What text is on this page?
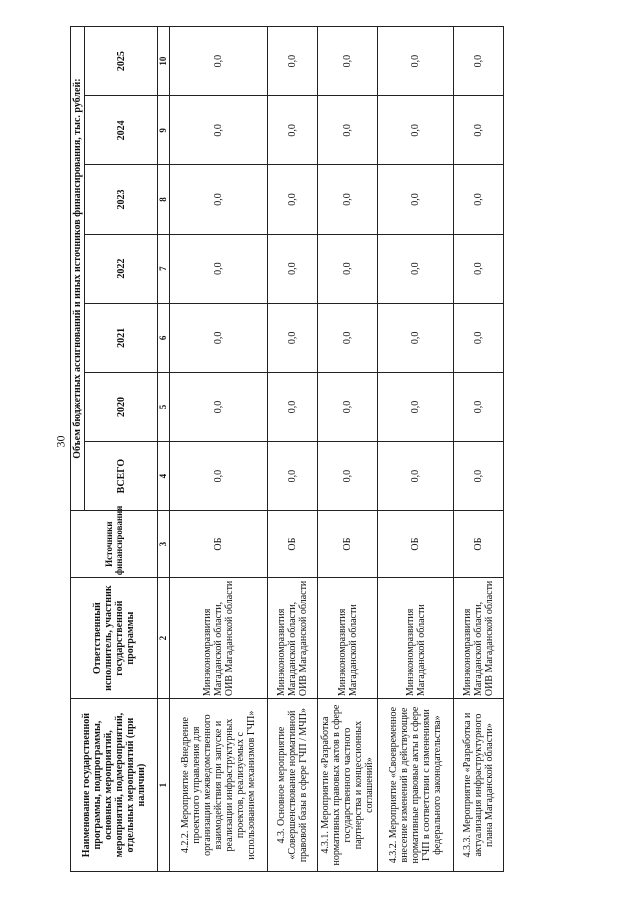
30
Наименование государственной программы, подпрограммы, основных мероприятий, мероприятий, подмероприятий, отдельных мероприятий (при наличии)	Ответственный исполнитель, участник государственной программы	Источники финансирования	Объем бюджетных ассигнований и иных источников финансирования, тыс. рублей:						
			ВСЕГО	2020	2021	2022	2023	2024	2025
1	2	3	4	5	6	7	8	9	10
4.2.2. Мероприятие «Внедрение проектного управления для организации межведомственного взаимодействия при запуске и реализации инфраструктурных проектов, реализуемых с использованием механизмов ГЧП»	Минэкономразвития Магаданской области, ОИВ Магаданской области	ОБ	0,0	0,0	0,0	0,0	0,0	0,0	0,0
4.3. Основное мероприятие «Совершенствование нормативной правовой базы в сфере ГЧП / МЧП»	Минэкономразвития Магаданской области, ОИВ Магаданской области	ОБ	0,0	0,0	0,0	0,0	0,0	0,0	0,0
4.3.1. Мероприятие «Разработка нормативных правовых актов в сфере государственного частного партнерства и концессионных соглашений»	Минэкономразвития Магаданской области	ОБ	0,0	0,0	0,0	0,0	0,0	0,0	0,0
4.3.2. Мероприятие «Своевременное внесение изменений в действующие нормативные правовые акты в сфере ГЧП в соответствии с изменениями федерального законодательства»	Минэкономразвития Магаданской области	ОБ	0,0	0,0	0,0	0,0	0,0	0,0	0,0
4.3.3. Мероприятие «Разработка и актуализация инфраструктурного плана Магаданской области»	Минэкономразвития Магаданской области, ОИВ Магаданской области	ОБ	0,0	0,0	0,0	0,0	0,0	0,0	0,0
